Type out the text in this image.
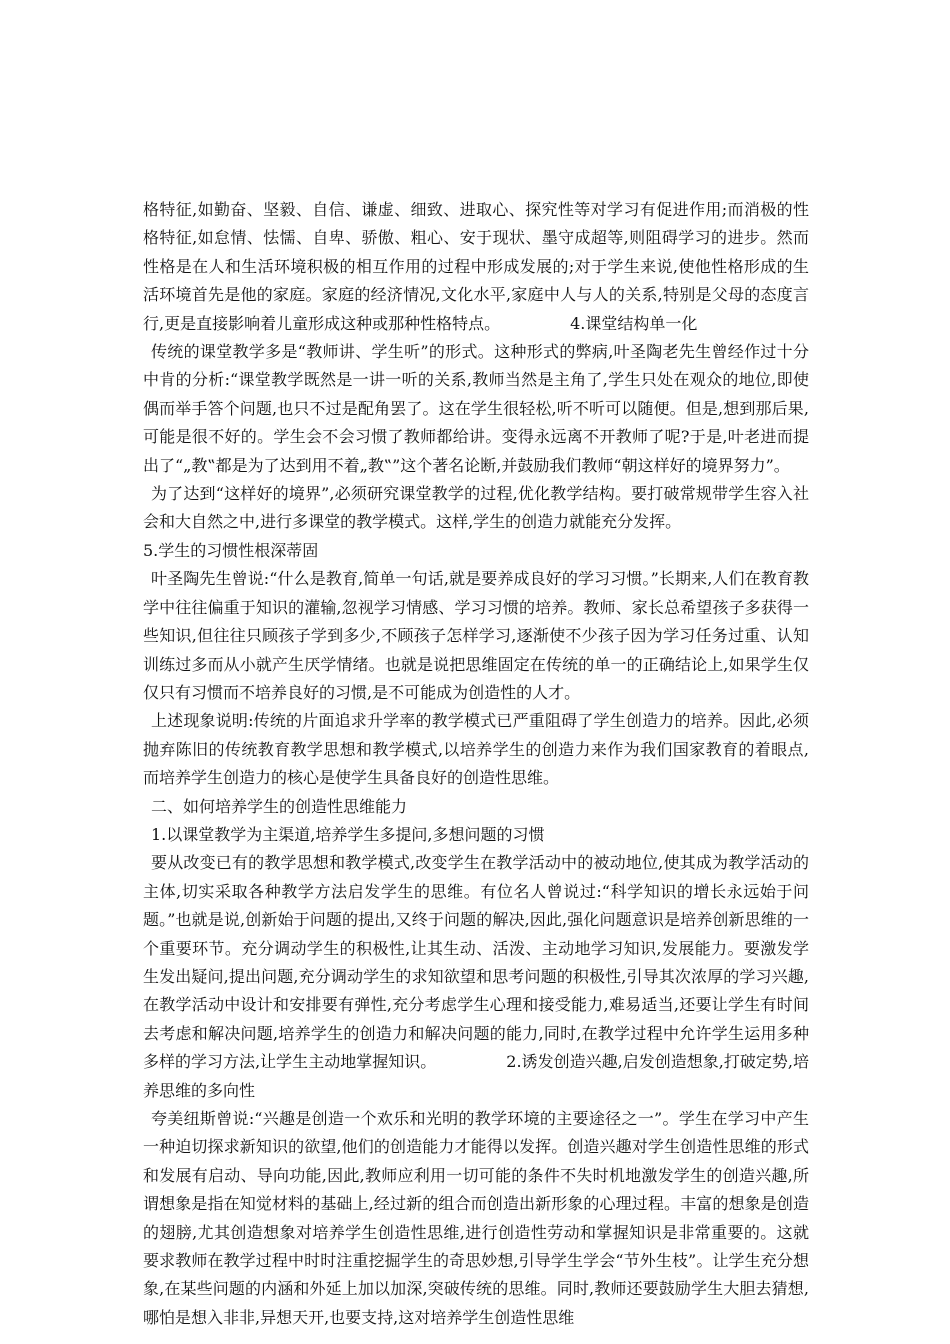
格特征,如勤奋、坚毅、自信、谦虚、细致、进取心、探究性等对学习有促进作用;而消极的性格特征,如怠情、怯懦、自卑、骄傲、粗心、安于现状、墨守成超等,则阻碍学习的进步。然而性格是在人和生活环境积极的相互作用的过程中形成发展的;对于学生来说,使他性格形成的生活环境首先是他的家庭。家庭的经济情况,文化水平,家庭中人与人的关系,特别是父母的态度言行,更是直接影响着儿童形成这种或那种性格特点。	4.课堂结构单一化

传统的课堂教学多是“教师讲、学生听”的形式。这种形式的弊病,叶圣陶老先生曾经作过十分中肯的分析:“课堂教学既然是一讲一听的关系,教师当然是主角了,学生只处在观众的地位,即使偶而举手答个问题,也只不过是配角罢了。这在学生很轻松,听不听可以随便。但是,想到那后果,可能是很不好的。学生会不会习惯了教师都给讲。变得永远离不开教师了呢?于是,叶老进而提出了“„教‟都是为了达到用不着„教‟”这个著名论断,并鼓励我们教师“朝这样好的境界努力”。

为了达到“这样好的境界”,必须研究课堂教学的过程,优化教学结构。要打破常规带学生容入社会和大自然之中,进行多课堂的教学模式。这样,学生的创造力就能充分发挥。

5.学生的习惯性根深蒂固

叶圣陶先生曾说:“什么是教育,简单一句话,就是要养成良好的学习习惯。”长期来,人们在教育教学中往往偏重于知识的灌输,忽视学习情感、学习习惯的培养。教师、家长总希望孩子多获得一些知识,但往往只顾孩子学到多少,不顾孩子怎样学习,逐渐使不少孩子因为学习任务过重、认知训练过多而从小就产生厌学情绪。也就是说把思维固定在传统的单一的正确结论上,如果学生仅仅只有习惯而不培养良好的习惯,是不可能成为创造性的人才。

上述现象说明:传统的片面追求升学率的教学模式已严重阻碍了学生创造力的培养。因此,必须抛弃陈旧的传统教育教学思想和教学模式,以培养学生的创造力来作为我们国家教育的着眼点,而培养学生创造力的核心是使学生具备良好的创造性思维。

二、如何培养学生的创造性思维能力

1.以课堂教学为主渠道,培养学生多提问,多想问题的习惯

要从改变已有的教学思想和教学模式,改变学生在教学活动中的被动地位,使其成为教学活动的主体,切实采取各种教学方法启发学生的思维。有位名人曾说过:“科学知识的增长永远始于问题。”也就是说,创新始于问题的提出,又终于问题的解决,因此,强化问题意识是培养创新思维的一个重要环节。充分调动学生的积极性,让其生动、活泼、主动地学习知识,发展能力。要激发学生发出疑问,提出问题,充分调动学生的求知欲望和思考问题的积极性,引导其次浓厚的学习兴趣,在教学活动中设计和安排要有弹性,充分考虑学生心理和接受能力,难易适当,还要让学生有时间去考虑和解决问题,培养学生的创造力和解决问题的能力,同时,在教学过程中允许学生运用多种多样的学习方法,让学生主动地掌握知识。	2.诱发创造兴趣,启发创造想象,打破定势,培养思维的多向性

夸美纽斯曾说:“兴趣是创造一个欢乐和光明的教学环境的主要途径之一”。学生在学习中产生一种迫切探求新知识的欲望,他们的创造能力才能得以发挥。创造兴趣对学生创造性思维的形式和发展有启动、导向功能,因此,教师应利用一切可能的条件不失时机地激发学生的创造兴趣,所谓想象是指在知觉材料的基础上,经过新的组合而创造出新形象的心理过程。丰富的想象是创造的翅膀,尤其创造想象对培养学生创造性思维,进行创造性劳动和掌握知识是非常重要的。这就要求教师在教学过程中时时注重挖掘学生的奇思妙想,引导学生学会“节外生枝”。让学生充分想象,在某些问题的内涵和外延上加以加深,突破传统的思维。同时,教师还要鼓励学生大胆去猜想,哪怕是想入非非,异想天开,也要支持,这对培养学生创造性思维
